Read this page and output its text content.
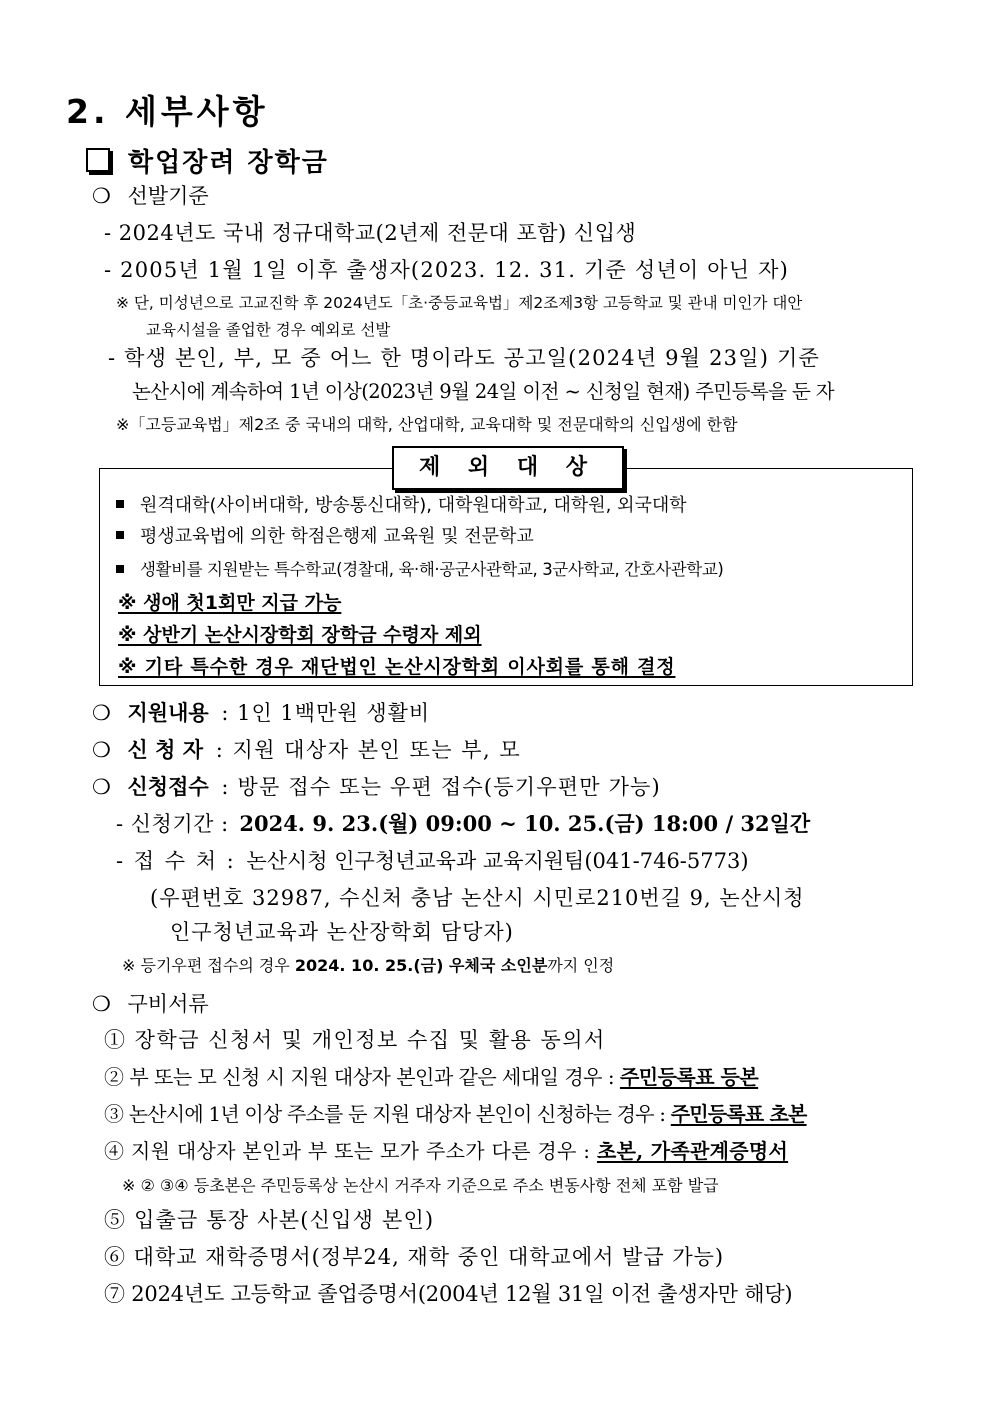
2. 세부사항
학업장려 장학금
❍ 선발기준
- 2024년도 국내 정규대학교(2년제 전문대 포함) 신입생
- 2005년 1월 1일 이후 출생자(2023. 12. 31. 기준 성년이 아닌 자)
※ 단, 미성년으로 고교진학 후 2024년도「초·중등교육법」제2조제3항 고등학교 및 관내 미인가 대안
교육시설을 졸업한 경우 예외로 선발
- 학생 본인, 부, 모 중 어느 한 명이라도 공고일(2024년 9월 23일) 기준
논산시에 계속하여 1년 이상(2023년 9월 24일 이전 ~ 신청일 현재) 주민등록을 둔 자
※「고등교육법」제2조 중 국내의 대학, 산업대학, 교육대학 및 전문대학의 신입생에 한함
제 외 대 상
원격대학(사이버대학, 방송통신대학), 대학원대학교, 대학원, 외국대학
평생교육법에 의한 학점은행제 교육원 및 전문학교
생활비를 지원받는 특수학교(경찰대, 육·해·공군사관학교, 3군사학교, 간호사관학교)
※ 생애 첫1회만 지급 가능
※ 상반기 논산시장학회 장학금 수령자 제외
※ 기타 특수한 경우 재단법인 논산시장학회 이사회를 통해 결정
❍ 지원내용 : 1인 1백만원 생활비
❍ 신 청 자 : 지원 대상자 본인 또는 부, 모
❍ 신청접수 : 방문 접수 또는 우편 접수(등기우편만 가능)
- 신청기간 : 2024. 9. 23.(월) 09:00 ~ 10. 25.(금) 18:00 / 32일간
- 접 수 처 : 논산시청 인구청년교육과 교육지원팀(041-746-5773)
(우편번호 32987, 수신처 충남 논산시 시민로210번길 9, 논산시청
인구청년교육과 논산장학회 담당자)
※ 등기우편 접수의 경우 2024. 10. 25.(금) 우체국 소인분까지 인정
❍ 구비서류
① 장학금 신청서 및 개인정보 수집 및 활용 동의서
② 부 또는 모 신청 시 지원 대상자 본인과 같은 세대일 경우 : 주민등록표 등본
③ 논산시에 1년 이상 주소를 둔 지원 대상자 본인이 신청하는 경우 : 주민등록표 초본
④ 지원 대상자 본인과 부 또는 모가 주소가 다른 경우 : 초본, 가족관계증명서
※ ② ③④ 등초본은 주민등록상 논산시 거주자 기준으로 주소 변동사항 전체 포함 발급
⑤ 입출금 통장 사본(신입생 본인)
⑥ 대학교 재학증명서(정부24, 재학 중인 대학교에서 발급 가능)
⑦ 2024년도 고등학교 졸업증명서(2004년 12월 31일 이전 출생자만 해당)
